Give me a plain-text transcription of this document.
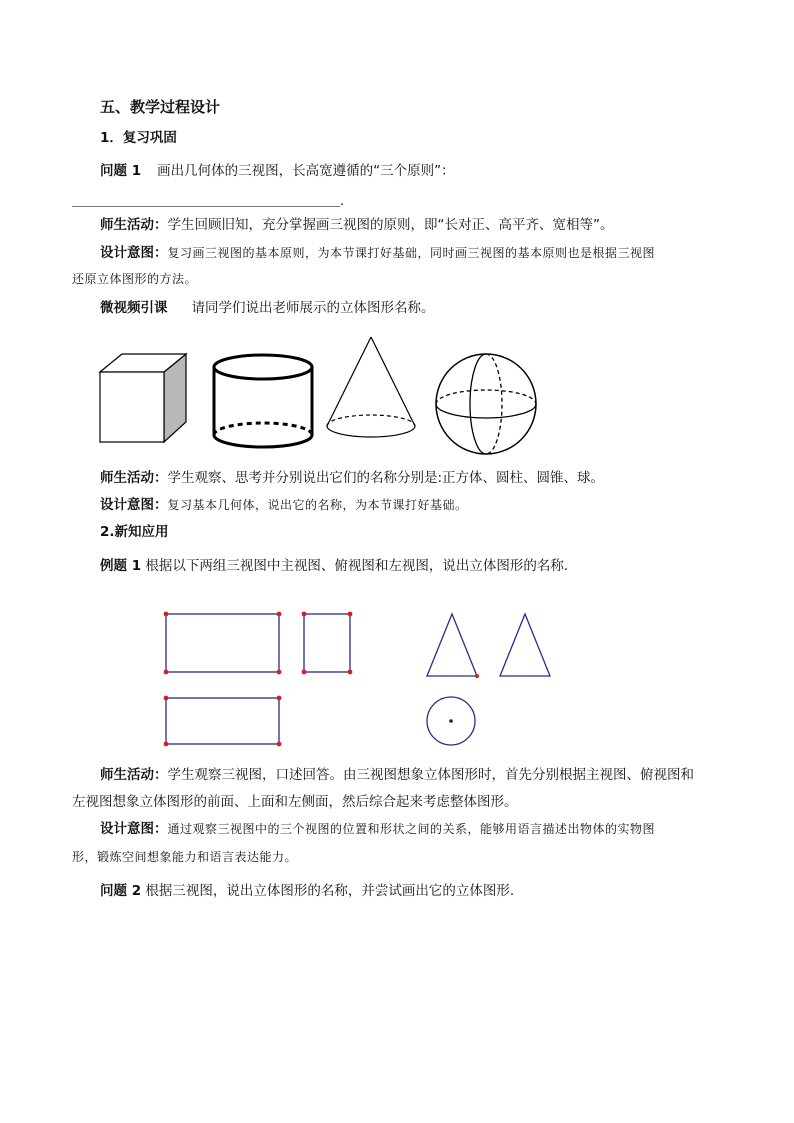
五、教学过程设计
1．复习巩固
问题 1 画出几何体的三视图，长高宽遵循的“三个原则”：
.
师生活动：学生回顾旧知，充分掌握画三视图的原则，即“长对正、高平齐、宽相等”。
设计意图：复习画三视图的基本原则，为本节课打好基础，同时画三视图的基本原则也是根据三视图
还原立体图形的方法。
微视频引课 请同学们说出老师展示的立体图形名称。
师生活动：学生观察、思考并分别说出它们的名称分别是:正方体、圆柱、圆锥、球。
设计意图：复习基本几何体，说出它的名称，为本节课打好基础。
2.新知应用
例题 1 根据以下两组三视图中主视图、俯视图和左视图，说出立体图形的名称.
师生活动：学生观察三视图，口述回答。由三视图想象立体图形时，首先分别根据主视图、俯视图和
左视图想象立体图形的前面、上面和左侧面，然后综合起来考虑整体图形。
设计意图：通过观察三视图中的三个视图的位置和形状之间的关系，能够用语言描述出物体的实物图
形，锻炼空间想象能力和语言表达能力。
问题 2 根据三视图，说出立体图形的名称，并尝试画出它的立体图形.
